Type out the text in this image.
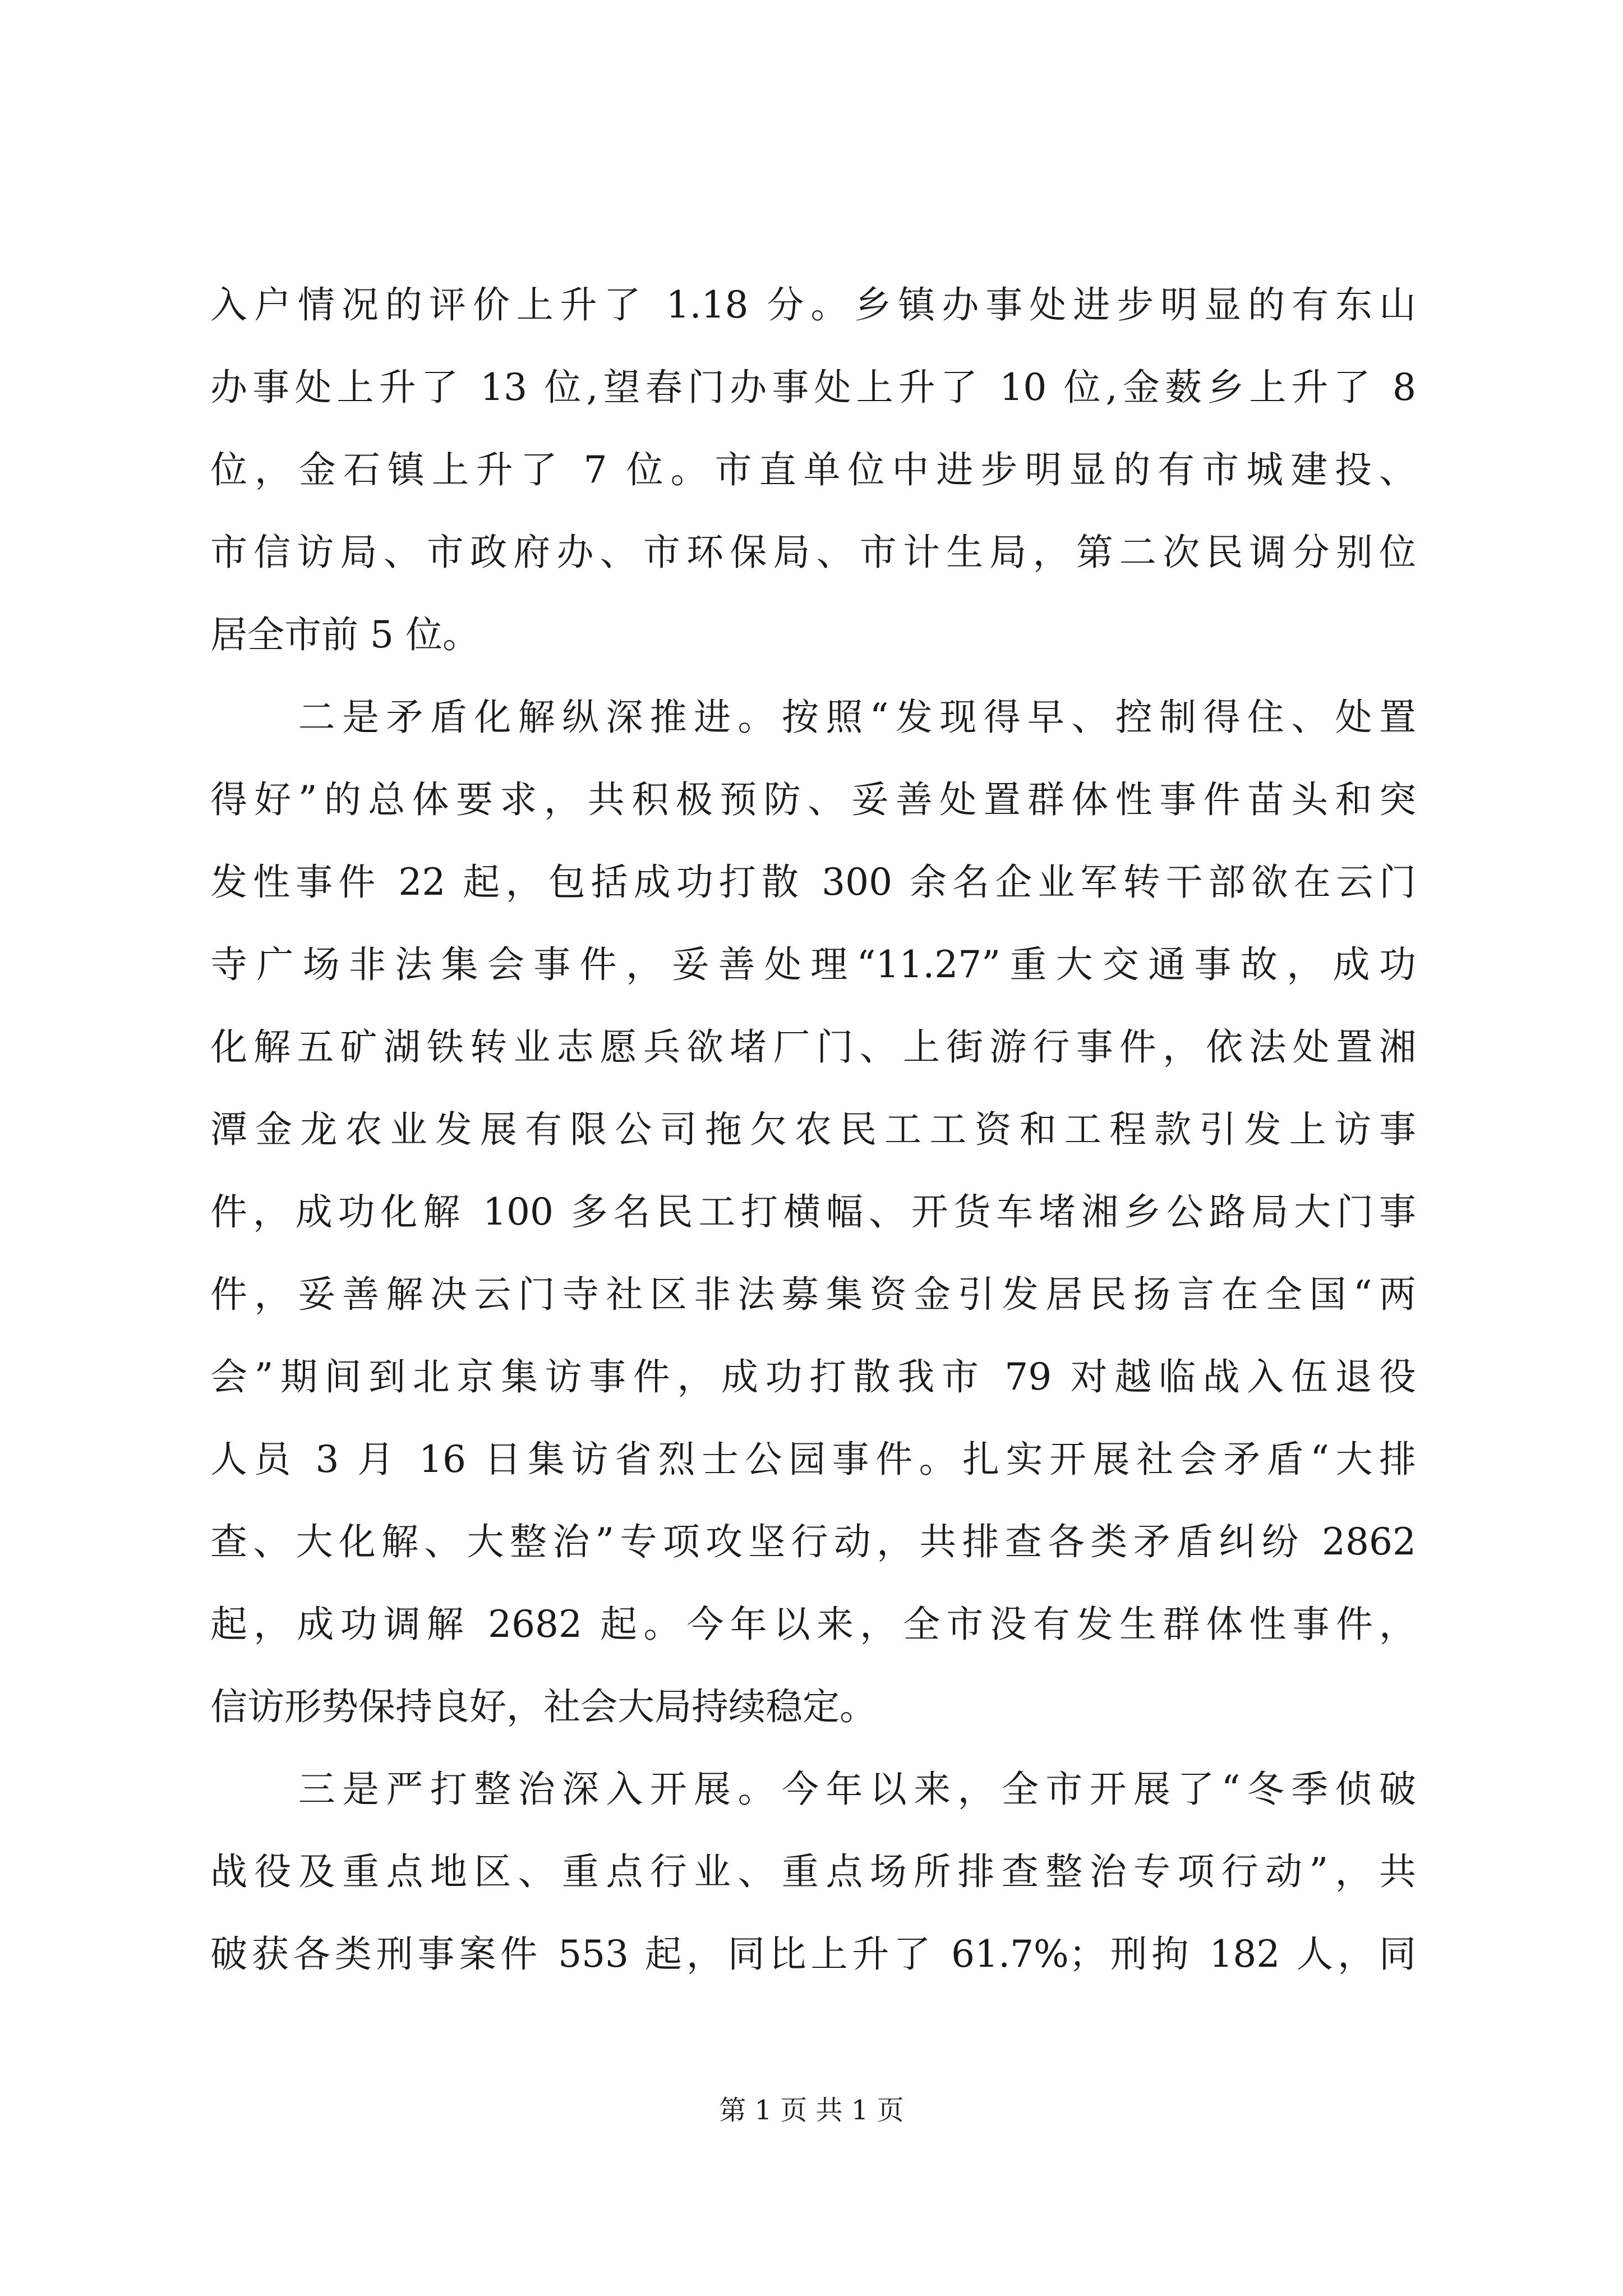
入户情况的评价上升了 1.18 分。乡镇办事处进步明显的有东山
办事处上升了 13 位,望春门办事处上升了 10 位,金薮乡上升了 8
位，金石镇上升了 7 位。市直单位中进步明显的有市城建投、
市信访局、市政府办、市环保局、市计生局，第二次民调分别位
居全市前 5 位。
　　二是矛盾化解纵深推进。按照“发现得早、控制得住、处置
得好”的总体要求，共积极预防、妥善处置群体性事件苗头和突
发性事件 22 起，包括成功打散 300 余名企业军转干部欲在云门
寺广场非法集会事件，妥善处理“11.27”重大交通事故，成功
化解五矿湖铁转业志愿兵欲堵厂门、上街游行事件，依法处置湘
潭金龙农业发展有限公司拖欠农民工工资和工程款引发上访事
件，成功化解 100 多名民工打横幅、开货车堵湘乡公路局大门事
件，妥善解决云门寺社区非法募集资金引发居民扬言在全国“两
会”期间到北京集访事件，成功打散我市 79 对越临战入伍退役
人员 3 月 16 日集访省烈士公园事件。扎实开展社会矛盾“大排
查、大化解、大整治”专项攻坚行动，共排查各类矛盾纠纷 2862
起，成功调解 2682 起。今年以来，全市没有发生群体性事件，
信访形势保持良好，社会大局持续稳定。
　　三是严打整治深入开展。今年以来，全市开展了“冬季侦破
战役及重点地区、重点行业、重点场所排查整治专项行动”，共
破获各类刑事案件 553 起，同比上升了 61.7%；刑拘 182 人，同
第 1 页 共 1 页
